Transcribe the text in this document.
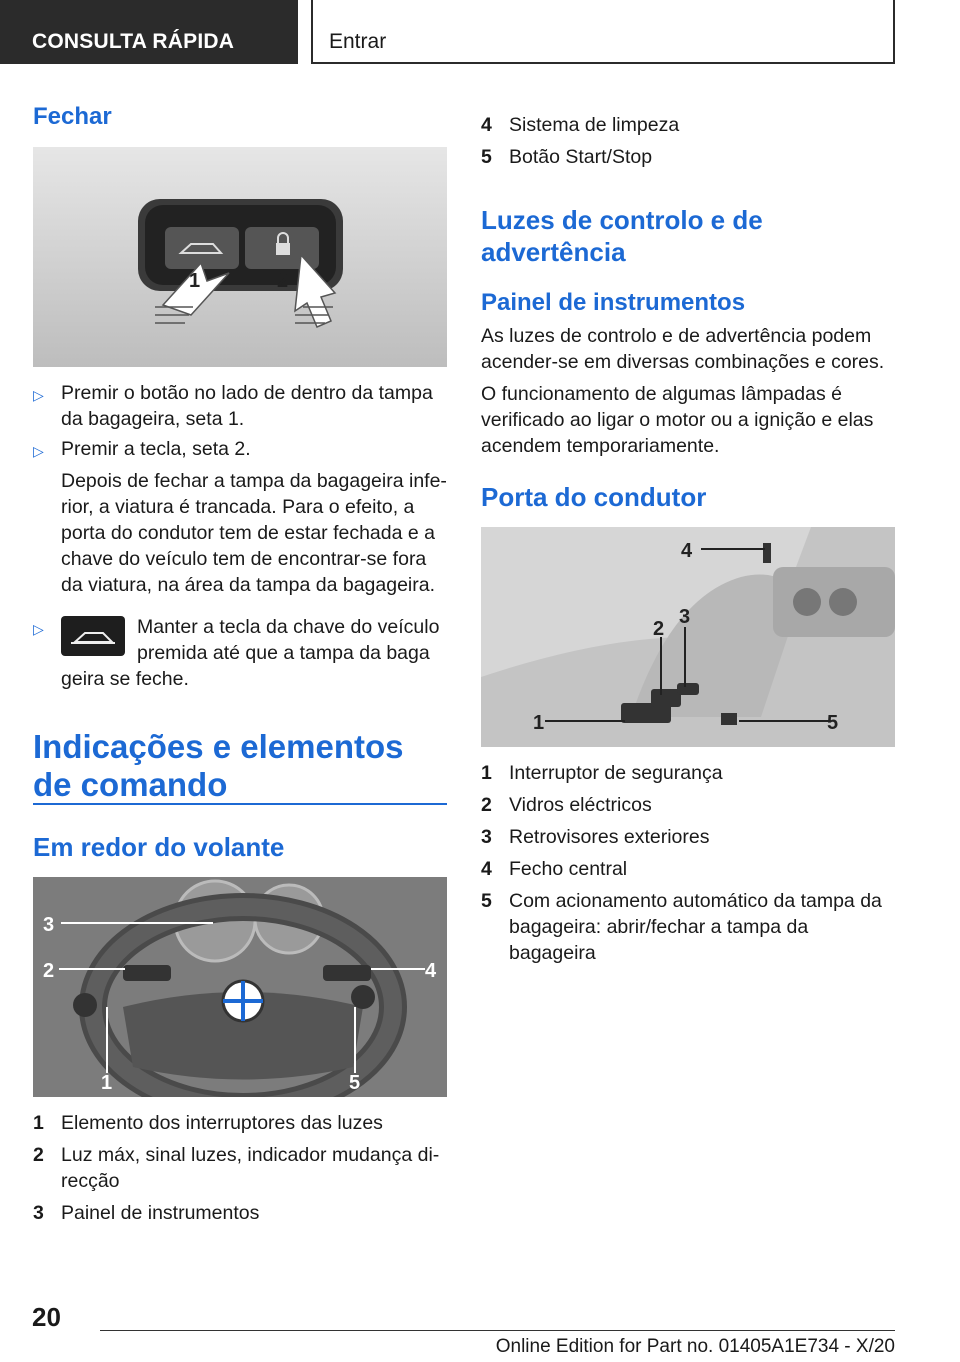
CONSULTA RÁPIDA	Entrar
Fechar
1	2
▷ Premir o botão no lado de dentro da tampa da bagageira, seta 1.
▷ Premir a tecla, seta 2.
Depois de fechar a tampa da bagageira inferior, a viatura é trancada. Para o efeito, a porta do condutor tem de estar fechada e a chave do veículo tem de encontrar-se fora da viatura, na área da tampa da bagageira.
▷	Manter a tecla da chave do veículo premida até que a tampa da baga
geira se feche.
Indicações e elementos de comando
Em redor do volante
1
2
3
4
5
1 Elemento dos interruptores das luzes
2 Luz máx, sinal luzes, indicador mudança direcção
3 Painel de instrumentos
4 Sistema de limpeza
5 Botão Start/Stop
Luzes de controlo e de advertência
Painel de instrumentos
As luzes de controlo e de advertência podem acender-se em diversas combinações e cores.
O funcionamento de algumas lâmpadas é verificado ao ligar o motor ou a ignição e elas acendem temporariamente.
Porta do condutor
1
2
3
4
5
1 Interruptor de segurança
2 Vidros eléctricos
3 Retrovisores exteriores
4 Fecho central
5 Com acionamento automático da tampa da bagageira: abrir/fechar a tampa da bagageira
20
Online Edition for Part no. 01405A1E734 - X/20
